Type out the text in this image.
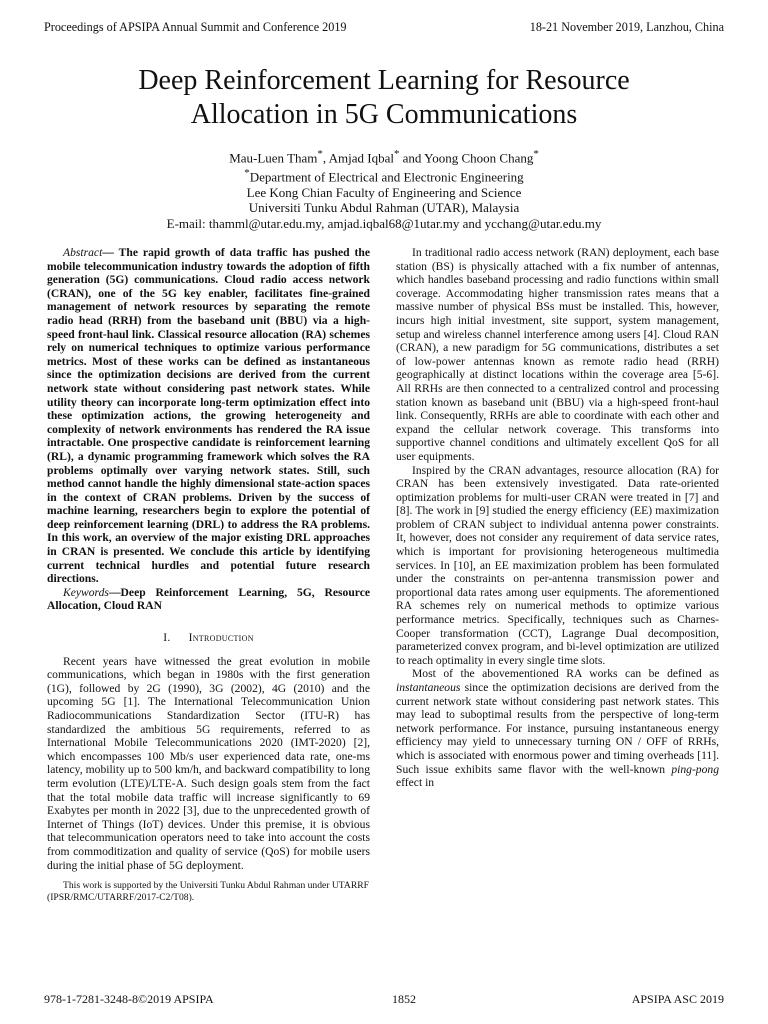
Proceedings of APSIPA Annual Summit and Conference 2019	18-21 November 2019, Lanzhou, China
Deep Reinforcement Learning for Resource
Allocation in 5G Communications
Mau-Luen Tham*, Amjad Iqbal* and Yoong Choon Chang*
*Department of Electrical and Electronic Engineering
Lee Kong Chian Faculty of Engineering and Science
Universiti Tunku Abdul Rahman (UTAR), Malaysia
E-mail: thamml@utar.edu.my, amjad.iqbal68@1utar.my and ycchang@utar.edu.my

Abstract— The rapid growth of data traffic has pushed the mobile telecommunication industry towards the adoption of fifth generation (5G) communications. Cloud radio access network (CRAN), one of the 5G key enabler, facilitates fine-grained management of network resources by separating the remote radio head (RRH) from the baseband unit (BBU) via a high-speed front-haul link. Classical resource allocation (RA) schemes rely on numerical techniques to optimize various performance metrics. Most of these works can be defined as instantaneous since the optimization decisions are derived from the current network state without considering past network states. While utility theory can incorporate long-term optimization effect into these optimization actions, the growing heterogeneity and complexity of network environments has rendered the RA issue intractable. One prospective candidate is reinforcement learning (RL), a dynamic programming framework which solves the RA problems optimally over varying network states. Still, such method cannot handle the highly dimensional state-action spaces in the context of CRAN problems. Driven by the success of machine learning, researchers begin to explore the potential of deep reinforcement learning (DRL) to address the RA problems. In this work, an overview of the major existing DRL approaches in CRAN is presented. We conclude this article by identifying current technical hurdles and potential future research directions.

Keywords—Deep Reinforcement Learning, 5G, Resource Allocation, Cloud RAN

I. Introduction

Recent years have witnessed the great evolution in mobile communications, which began in 1980s with the first generation (1G), followed by 2G (1990), 3G (2002), 4G (2010) and the upcoming 5G [1]. The International Telecommunication Union Radiocommunications Standardization Sector (ITU-R) has standardized the ambitious 5G requirements, referred to as International Mobile Telecommunications 2020 (IMT-2020) [2], which encompasses 100 Mb/s user experienced data rate, one-ms latency, mobility up to 500 km/h, and backward compatibility to long term evolution (LTE)/LTE-A. Such design goals stem from the fact that the total mobile data traffic will increase significantly to 69 Exabytes per month in 2022 [3], due to the unprecedented growth of Internet of Things (IoT) devices. Under this premise, it is obvious that telecommunication operators need to take into account the costs from commoditization and quality of service (QoS) for mobile users during the initial phase of 5G deployment.

This work is supported by the Universiti Tunku Abdul Rahman under UTARRF (IPSR/RMC/UTARRF/2017-C2/T08).

In traditional radio access network (RAN) deployment, each base station (BS) is physically attached with a fix number of antennas, which handles baseband processing and radio functions within small coverage. Accommodating higher transmission rates means that a massive number of physical BSs must be installed. This, however, incurs high initial investment, site support, system management, setup and wireless channel interference among users [4]. Cloud RAN (CRAN), a new paradigm for 5G communications, distributes a set of low-power antennas known as remote radio head (RRH) geographically at distinct locations within the coverage area [5-6]. All RRHs are then connected to a centralized control and processing station known as baseband unit (BBU) via a high-speed front-haul link. Consequently, RRHs are able to coordinate with each other and expand the cellular network coverage. This transforms into supportive channel conditions and ultimately excellent QoS for all user equipments.

Inspired by the CRAN advantages, resource allocation (RA) for CRAN has been extensively investigated. Data rate-oriented optimization problems for multi-user CRAN were treated in [7] and [8]. The work in [9] studied the energy efficiency (EE) maximization problem of CRAN subject to individual antenna power constraints. It, however, does not consider any requirement of data service rates, which is important for provisioning heterogeneous multimedia services. In [10], an EE maximization problem has been formulated under the constraints on per-antenna transmission power and proportional data rates among user equipments. The aforementioned RA schemes rely on numerical methods to optimize various performance metrics. Specifically, techniques such as Charnes-Cooper transformation (CCT), Lagrange Dual decomposition, parameterized convex program, and bi-level optimization are utilized to reach optimality in every single time slots.

Most of the abovementioned RA works can be defined as instantaneous since the optimization decisions are derived from the current network state without considering past network states. This may lead to suboptimal results from the perspective of long-term network performance. For instance, pursuing instantaneous energy efficiency may yield to unnecessary turning ON / OFF of RRHs, which is associated with enormous power and timing overheads [11]. Such issue exhibits same flavor with the well-known ping-pong effect in

978-1-7281-3248-8©2019 APSIPA	1852	APSIPA ASC 2019
